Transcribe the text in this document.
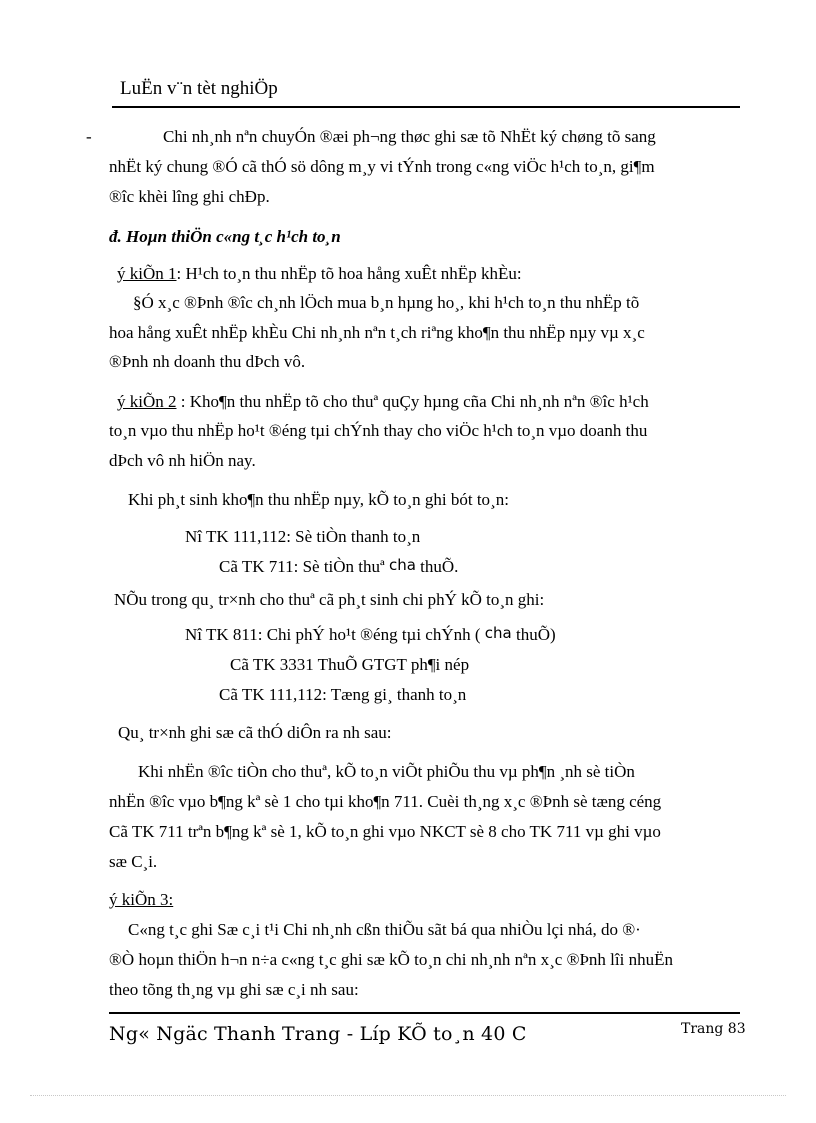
LuËn v¨n tèt nghiÖp
-	Chi nh¸nh nªn chuyÓn ®æi ph¬ng thøc ghi sæ tõ NhËt ký chøng tõ sang
nhËt ký chung ®Ó cã thÓ sö dông m¸y vi tÝnh trong c«ng viÖc h¹ch to¸n, gi¶m
®îc khèi lîng ghi chÐp.
đ. Hoµn thiÖn c«ng t¸c h¹ch to¸n
ý kiÕn 1: H¹ch to¸n thu nhËp tõ hoa hång xuÊt nhËp khÈu:
§Ó x¸c ®Þnh ®îc ch¸nh lÖch mua b¸n hµng ho¸, khi h¹ch to¸n thu nhËp tõ
hoa hång xuÊt nhËp khÈu Chi nh¸nh nªn t¸ch riªng kho¶n thu nhËp nµy vµ x¸c
®Þnh nh doanh thu dÞch vô.
ý kiÕn 2 : Kho¶n thu nhËp tõ cho thuª quÇy hµng cña Chi nh¸nh nªn ®îc h¹ch
to¸n vµo thu nhËp ho¹t ®éng tµi chÝnh thay cho viÖc h¹ch to¸n vµo doanh thu
dÞch vô nh hiÖn nay.
Khi ph¸t sinh kho¶n thu nhËp nµy, kÕ to¸n ghi bót to¸n:
Nî TK 111,112: Sè tiÒn thanh to¸n
Cã TK 711: Sè tiÒn thuª cha thuÕ.
NÕu trong qu¸ tr×nh cho thuª cã ph¸t sinh chi phÝ kÕ to¸n ghi:
Nî TK 811: Chi phÝ ho¹t ®éng tµi chÝnh ( cha thuÕ)
Cã TK 3331 ThuÕ GTGT ph¶i nép
Cã TK 111,112: Tæng gi¸ thanh to¸n
Qu¸ tr×nh ghi sæ cã thÓ diÔn ra nh sau:
Khi nhËn ®îc tiÒn cho thuª, kÕ to¸n viÕt phiÕu thu vµ ph¶n ¸nh sè tiÒn
nhËn ®îc vµo b¶ng kª sè 1 cho tµi kho¶n 711. Cuèi th¸ng x¸c ®Þnh sè tæng céng
Cã TK 711 trªn b¶ng kª sè 1, kÕ to¸n ghi vµo NKCT sè 8 cho TK 711 vµ ghi vµo
sæ C¸i.
ý kiÕn 3:
C«ng t¸c ghi Sæ c¸i t¹i Chi nh¸nh cßn thiÕu sãt bá qua nhiÒu lçi nhá, do ®·
®Ò hoµn thiÖn h¬n n÷a c«ng t¸c ghi sæ kÕ to¸n chi nh¸nh nªn x¸c ®Þnh lîi nhuËn
theo tõng th¸ng vµ ghi sæ c¸i nh sau:
Ng« Ngäc Thanh Trang - Líp KÕ to¸n 40 C	Trang 83
